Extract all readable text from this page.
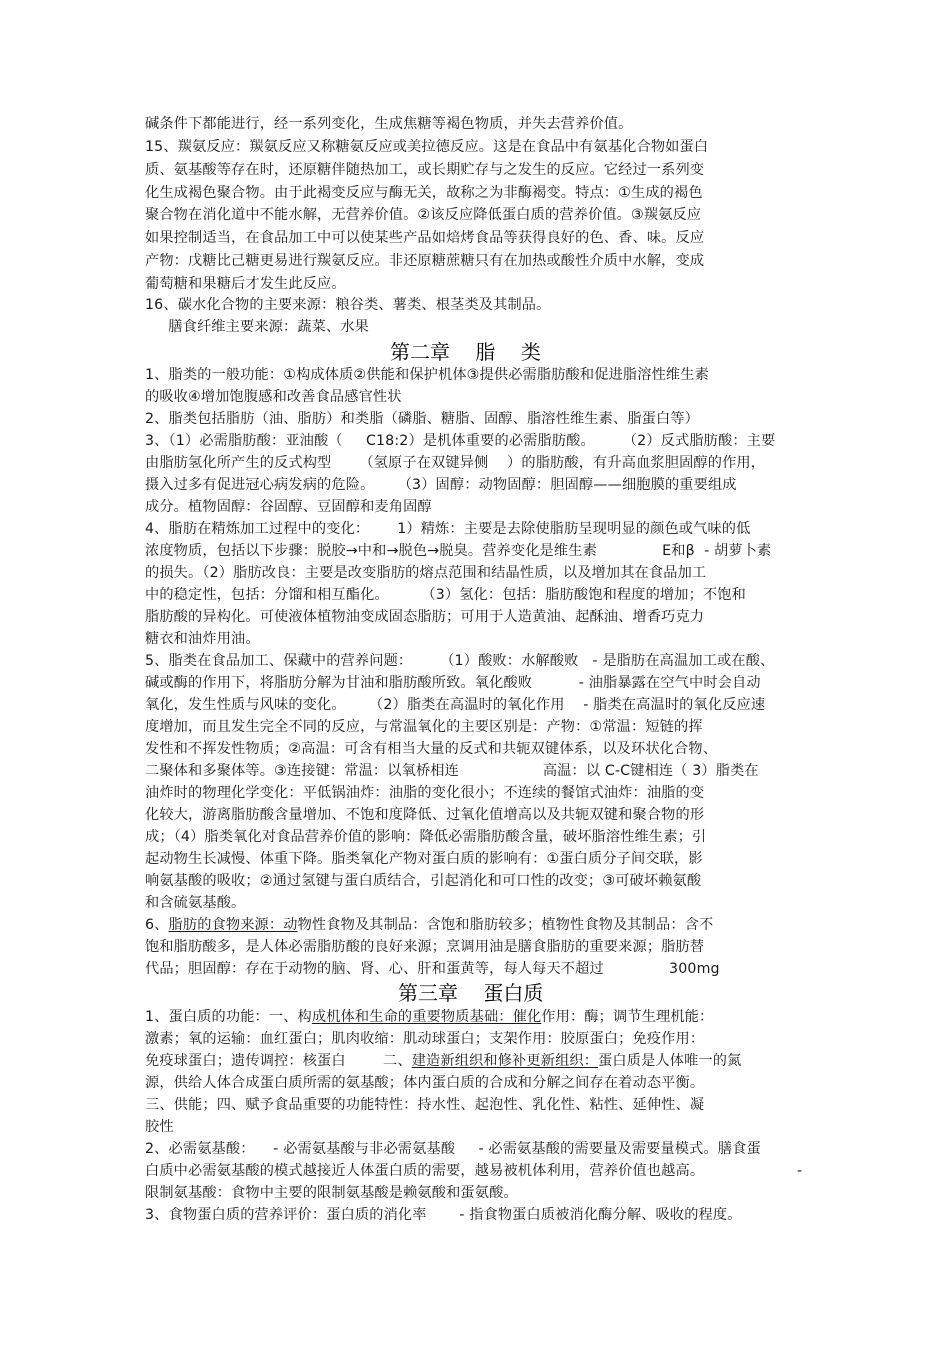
碱条件下都能进行，经一系列变化，生成焦糖等褐色物质，并失去营养价值。
15、羰氨反应：羰氨反应又称糖氨反应或美拉德反应。这是在食品中有氨基化合物如蛋白
质、氨基酸等存在时，还原糖伴随热加工，或长期贮存与之发生的反应。它经过一系列变
化生成褐色聚合物。由于此褐变反应与酶无关，故称之为非酶褐变。特点：①生成的褐色
聚合物在消化道中不能水解，无营养价值。②该反应降低蛋白质的营养价值。③羰氨反应
如果控制适当，在食品加工中可以使某些产品如焙烤食品等获得良好的色、香、味。反应
产物：戊糖比己糖更易进行羰氨反应。非还原糖蔗糖只有在加热或酸性介质中水解，变成
葡萄糖和果糖后才发生此反应。
16、碳水化合物的主要来源：粮谷类、薯类、根茎类及其制品。
膳食纤维主要来源：蔬菜、水果
第二章    脂    类
1、脂类的一般功能：①构成体质②供能和保护机体③提供必需脂肪酸和促进脂溶性维生素
的吸收④增加饱腹感和改善食品感官性状
2、脂类包括脂肪（油、脂肪）和类脂（磷脂、糖脂、固醇、脂溶性维生素、脂蛋白等）
3、（1）必需脂肪酸：亚油酸（     C18:2）是机体重要的必需脂肪酸。      （2）反式脂肪酸：主要
由脂肪氢化所产生的反式构型      （氢原子在双键异侧    ）的脂肪酸，有升高血浆胆固醇的作用，
摄入过多有促进冠心病发病的危险。     （3）固醇：动物固醇：胆固醇——细胞膜的重要组成
成分。植物固醇：谷固醇、豆固醇和麦角固醇
4、脂肪在精炼加工过程中的变化：      1）精炼：主要是去除使脂肪呈现明显的颜色或气味的低
浓度物质，包括以下步骤：脱胶→中和→脱色→脱臭。营养变化是维生素              E和β  - 胡萝卜素
的损失。（2）脂肪改良：主要是改变脂肪的熔点范围和结晶性质，以及增加其在食品加工
中的稳定性，包括：分馏和相互酯化。       （3）氢化：包括：脂肪酸饱和程度的增加；不饱和
脂肪酸的异构化。可使液体植物油变成固态脂肪；可用于人造黄油、起酥油、增香巧克力
糖衣和油炸用油。
5、脂类在食品加工、保藏中的营养问题：      （1）酸败：水解酸败   - 是脂肪在高温加工或在酸、
碱或酶的作用下，将脂肪分解为甘油和脂肪酸所致。氧化酸败          - 油脂暴露在空气中时会自动
氧化，发生性质与风味的变化。     （2）脂类在高温时的氧化作用    - 脂类在高温时的氧化反应速
度增加，而且发生完全不同的反应，与常温氧化的主要区别是：产物：①常温：短链的挥
发性和不挥发性物质；②高温：可含有相当大量的反式和共轭双键体系，以及环状化合物、
二聚体和多聚体等。③连接键：常温：以氧桥相连                  高温：以 C-C键相连（ 3）脂类在
油炸时的物理化学变化：平低锅油炸：油脂的变化很小；不连续的餐馆式油炸：油脂的变
化较大，游离脂肪酸含量增加、不饱和度降低、过氧化值增高以及共轭双键和聚合物的形
成；（4）脂类氧化对食品营养价值的影响：降低必需脂肪酸含量，破坏脂溶性维生素；引
起动物生长减慢、体重下降。脂类氧化产物对蛋白质的影响有：①蛋白质分子间交联，影
响氨基酸的吸收；②通过氢键与蛋白质结合，引起消化和可口性的改变；③可破坏赖氨酸
和含硫氨基酸。
6、脂肪的食物来源：动物性食物及其制品：含饱和脂肪较多；植物性食物及其制品：含不
饱和脂肪酸多，是人体必需脂肪酸的良好来源；烹调用油是膳食脂肪的重要来源；脂肪替
代品；胆固醇：存在于动物的脑、肾、心、肝和蛋黄等，每人每天不超过              300mg
第三章    蛋白质
1、蛋白质的功能：一、构成机体和生命的重要物质基础：催化作用：酶；调节生理机能：
激素；氧的运输：血红蛋白；肌肉收缩：肌动球蛋白；支架作用：胶原蛋白；免疫作用：
免疫球蛋白；遗传调控：核蛋白        二、建造新组织和修补更新组织：蛋白质是人体唯一的氮
源，供给人体合成蛋白质所需的氨基酸；体内蛋白质的合成和分解之间存在着动态平衡。
三、供能；四、赋予食品重要的功能特性：持水性、起泡性、乳化性、粘性、延伸性、凝
胶性
2、必需氨基酸：    - 必需氨基酸与非必需氨基酸     - 必需氨基酸的需要量及需要量模式。膳食蛋
白质中必需氨基酸的模式越接近人体蛋白质的需要，越易被机体利用，营养价值也越高。	-
限制氨基酸：食物中主要的限制氨基酸是赖氨酸和蛋氨酸。
3、食物蛋白质的营养评价：蛋白质的消化率       - 指食物蛋白质被消化酶分解、吸收的程度。
